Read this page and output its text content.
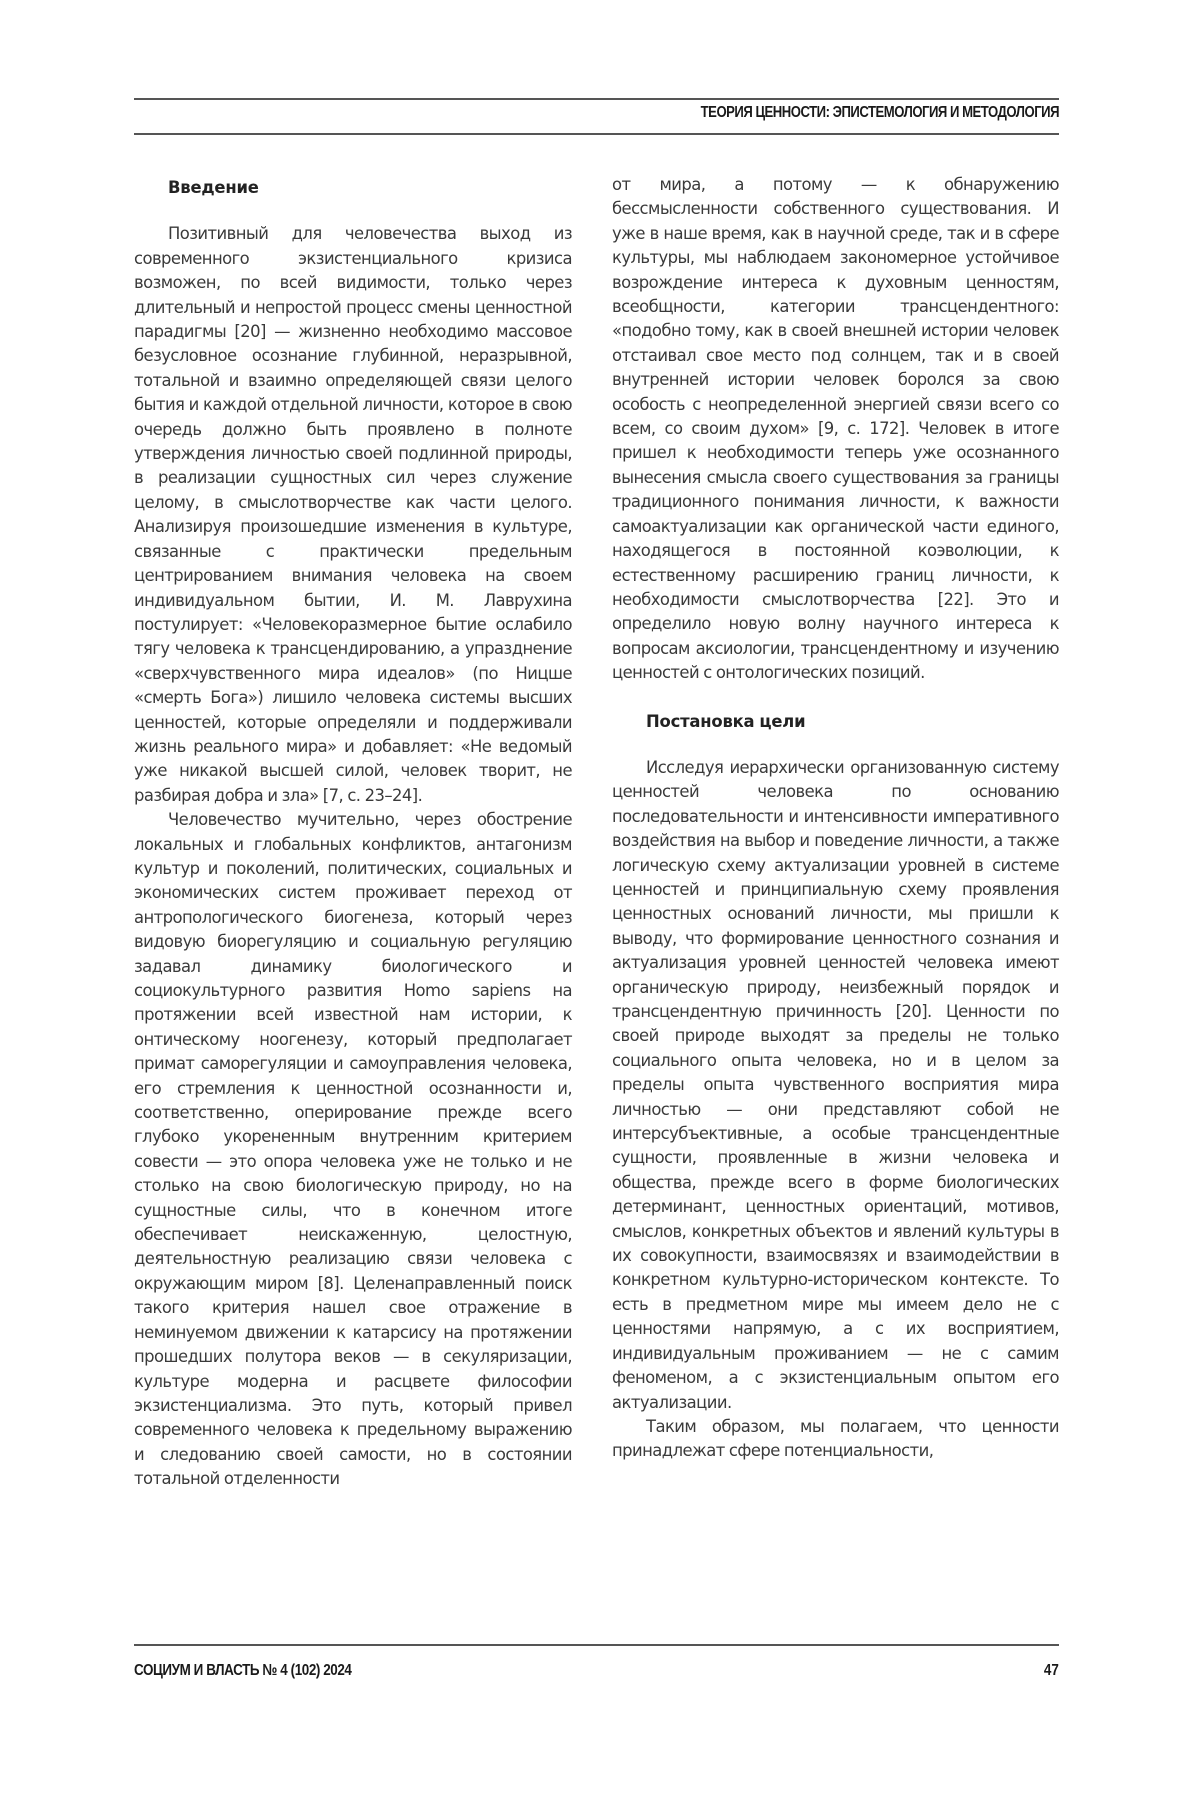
ТЕОРИЯ ЦЕННОСТИ: ЭПИСТЕМОЛОГИЯ И МЕТОДОЛОГИЯ

Введение

Позитивный для человечества выход из современного экзистенциального кризиса возможен, по всей видимости, только через длительный и непростой процесс смены ценностной парадигмы [20] — жизненно необходимо массовое безусловное осознание глубинной, неразрывной, тотальной и взаимно определяющей связи целого бытия и каждой отдельной личности, которое в свою очередь должно быть проявлено в полноте утверждения личностью своей подлинной природы, в реализации сущностных сил через служение целому, в смыслотворчестве как части целого. Анализируя произошедшие изменения в культуре, связанные с практически предельным центрированием внимания человека на своем индивидуальном бытии, И. М. Лаврухина постулирует: «Человекоразмерное бытие ослабило тягу человека к трансцендированию, а упразднение «сверхчувственного мира идеалов» (по Ницше «смерть Бога») лишило человека системы высших ценностей, которые определяли и поддерживали жизнь реального мира» и добавляет: «Не ведомый уже никакой высшей силой, человек творит, не разбирая добра и зла» [7, с. 23–24].

Человечество мучительно, через обострение локальных и глобальных конфликтов, антагонизм культур и поколений, политических, социальных и экономических систем проживает переход от антропологического биогенеза, который через видовую биорегуляцию и социальную регуляцию задавал динамику биологического и социокультурного развития Homo sapiens на протяжении всей известной нам истории, к онтическому ноогенезу, который предполагает примат саморегуляции и самоуправления человека, его стремления к ценностной осознанности и, соответственно, оперирование прежде всего глубоко укорененным внутренним критерием совести — это опора человека уже не только и не столько на свою биологическую природу, но на сущностные силы, что в конечном итоге обеспечивает неискаженную, целостную, деятельностную реализацию связи человека с окружающим миром [8]. Целенаправленный поиск такого критерия нашел свое отражение в неминуемом движении к катарсису на протяжении прошедших полутора веков — в секуляризации, культуре модерна и расцвете философии экзистенциализма. Это путь, который привел современного человека к предельному выражению и следованию своей самости, но в состоянии тотальной отделенности

от мира, а потому — к обнаружению бессмысленности собственного существования. И уже в наше время, как в научной среде, так и в сфере культуры, мы наблюдаем закономерное устойчивое возрождение интереса к духовным ценностям, всеобщности, категории трансцендентного: «подобно тому, как в своей внешней истории человек отстаивал свое место под солнцем, так и в своей внутренней истории человек боролся за свою особость с неопределенной энергией связи всего со всем, со своим духом» [9, с. 172]. Человек в итоге пришел к необходимости теперь уже осознанного вынесения смысла своего существования за границы традиционного понимания личности, к важности самоактуализации как органической части единого, находящегося в постоянной коэволюции, к естественному расширению границ личности, к необходимости смыслотворчества [22]. Это и определило новую волну научного интереса к вопросам аксиологии, трансцендентному и изучению ценностей с онтологических позиций.

Постановка цели

Исследуя иерархически организованную систему ценностей человека по основанию последовательности и интенсивности императивного воздействия на выбор и поведение личности, а также логическую схему актуализации уровней в системе ценностей и принципиальную схему проявления ценностных оснований личности, мы пришли к выводу, что формирование ценностного сознания и актуализация уровней ценностей человека имеют органическую природу, неизбежный порядок и трансцендентную причинность [20]. Ценности по своей природе выходят за пределы не только социального опыта человека, но и в целом за пределы опыта чувственного восприятия мира личностью — они представляют собой не интерсубъективные, а особые трансцендентные сущности, проявленные в жизни человека и общества, прежде всего в форме биологических детерминант, ценностных ориентаций, мотивов, смыслов, конкретных объектов и явлений культуры в их совокупности, взаимосвязях и взаимодействии в конкретном культурно-историческом контексте. То есть в предметном мире мы имеем дело не с ценностями напрямую, а с их восприятием, индивидуальным проживанием — не с самим феноменом, а с экзистенциальным опытом его актуализации.

Таким образом, мы полагаем, что ценности принадлежат сфере потенциальности,

СОЦИУМ И ВЛАСТЬ № 4 (102) 2024	47
